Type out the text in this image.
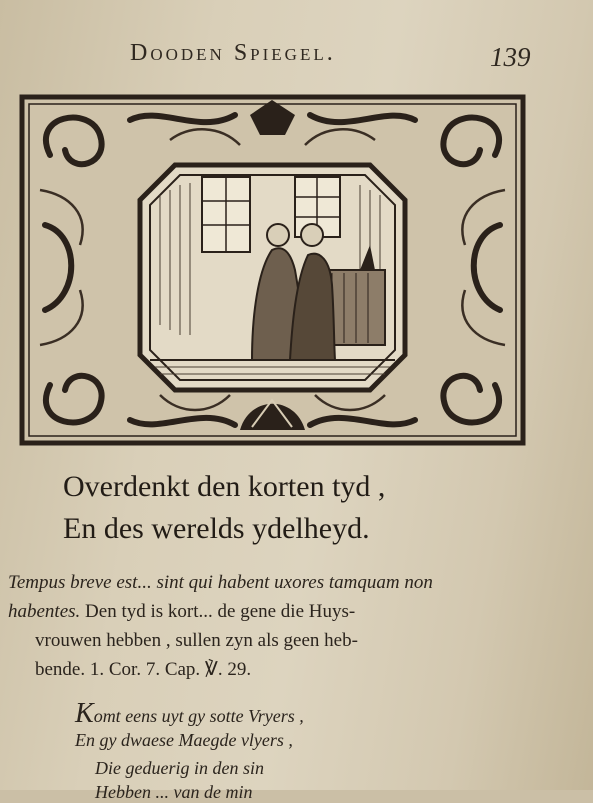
Dooden Spiegel.	139
Overdenkt den korten tyd ,
En des werelds ydelheyd.
Tempus breve est... sint qui habent uxores tamquam non
habentes. Den tyd is kort... de gene die Huys-
vrouwen hebben , sullen zyn als geen heb-
bende. 1. Cor. 7. Cap. ℣. 29.
Komt eens uyt gy sotte Vryers ,
En gy dwaese Maegde vlyers ,
Die geduerig in den sin
Hebben ... van de min
